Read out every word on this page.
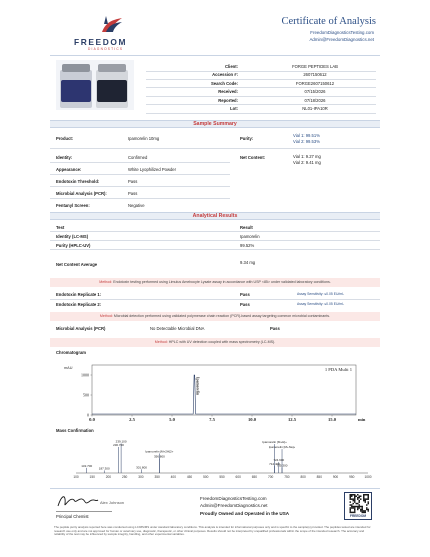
FREEDOM
DIAGNOSTICS
Certificate of Analysis
FreedomDiagnosticsTesting.com
Admin@FreedomDiagnostics.net
Client:	FORGE PEPTIDES LAB
Accession #:	2607150612
Search Code:	FORGE2607150612
Received:	07/15/2026
Reported:	07/18/2026
Lot:	NL01-IPA10R
Sample Summary
Product:	Ipamorelin 10mg	Purity:
Vial 1: 99.51%
Vial 2: 99.53%
Identity:	Confirmed	Net Content:	Vial 1: 9.27 mg
Vial 2: 9.41 mg
Appearance:	White Lyophilized Powder
Endotoxin Threshold:	Pass
Microbial Analysis (PCR):	Pass
Fentanyl Screen:	Negative
Analytical Results
Test	Result
Identity (LC-MS)	Ipamorelin
Purity (HPLC-UV)	99.52%
Net Content Average	9.34 mg
Method: Endotoxin testing performed using Limulus Amebocyte Lysate assay in accordance with USP <85> under validated laboratory conditions.
Endotoxin Replicate 1:	Pass	Assay Sensitivity: ≤0.05 EU/mL
Endotoxin Replicate 2:	Pass	Assay Sensitivity: ≤0.05 EU/mL
Method: Microbial detection performed using validated polymerase chain reaction (PCR)-based assay targeting common microbial contaminants.
Microbial Analysis (PCR)	No Detectable Microbial DNA	Pass
Method: HPLC with UV detection coupled with mass spectrometry (LC-MS).
Chromatogram
mAU	1 PDA Multi 1
1000
500
0
0.0	2.5	5.0	7.5	10.0	12.5	15.0	min
Ipamorelin
Mass Confirmation
100	150	200	250	300	350	400	450	500	550	600	650	700	750	800	850	900	950	1000
239.100
230.700
Ipamorelin [M+2H]2+
356.800
Ipamorelin [M+H]+
Ipamorelin [M+Na]+
724.900
712.400
735.300
132.700
187.300	301.800
Alex Johnson
Principal Chemist
FreedomDiagnosticsTesting.com
Admin@FreedomDiagnostics.net
Proudly Owned and Operated in the USA	FREEDOM
The peptide purity analysis reported here was conducted using LC/MS/MS under standard laboratory conditions. This analysis is intended for informational purposes only and is specific to the sample(s) provided. The peptides tested are intended for research use only and are not approved for human or veterinary use, diagnostic, therapeutic, or other clinical purposes. Results should not be interpreted by unqualified professionals within the scope of the intended research. The accuracy and reliability of the test may be influenced by sample integrity, handling, and other experimental variables.
